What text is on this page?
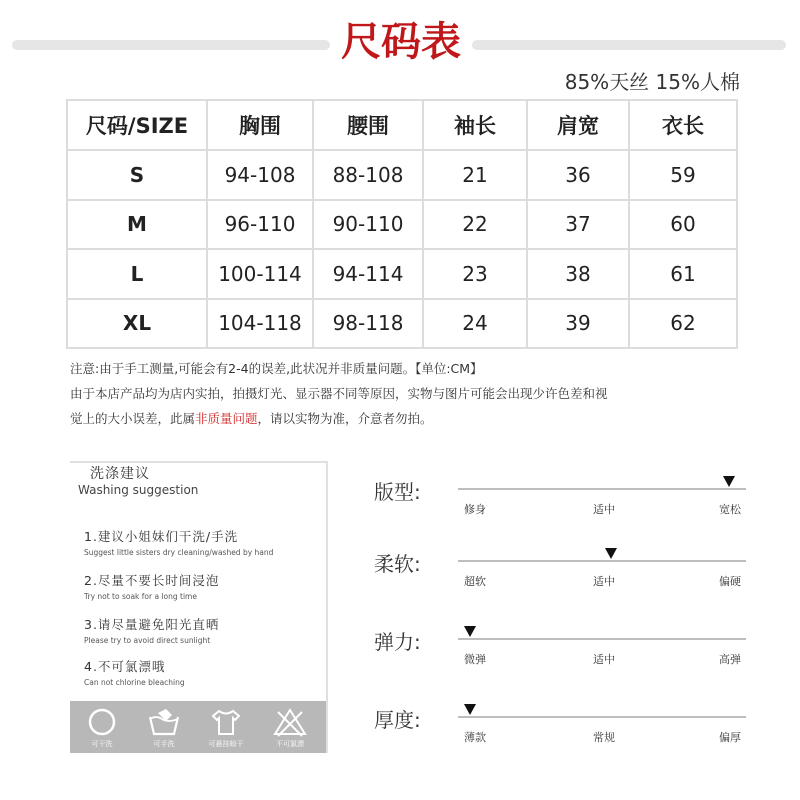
尺码表
85%天丝 15%人棉
尺码/SIZE	胸围	腰围	袖长	肩宽	衣长
S	94-108	88-108	21	36	59
M	96-110	90-110	22	37	60
L	100-114	94-114	23	38	61
XL	104-118	98-118	24	39	62
注意:由于手工测量,可能会有2-4的误差,此状况并非质量问题。【单位:CM】
由于本店产品均为店内实拍，拍摄灯光、显示器不同等原因，实物与图片可能会出现少许色差和视
觉上的大小误差，此属非质量问题，请以实物为准，介意者勿拍。
洗涤建议
Washing suggestion
1.建议小姐妹们干洗/手洗
Suggest little sisters dry cleaning/washed by hand
2.尽量不要长时间浸泡
Try not to soak for a long time
3.请尽量避免阳光直晒
Please try to avoid direct sunlight
4.不可氯漂哦
Can not chlorine bleaching
可干洗	可手洗	可悬挂晾干	不可氯漂
版型:
修身	适中	宽松
柔软:
超软	适中	偏硬
弹力:
微弹	适中	高弹
厚度:
薄款	常规	偏厚
